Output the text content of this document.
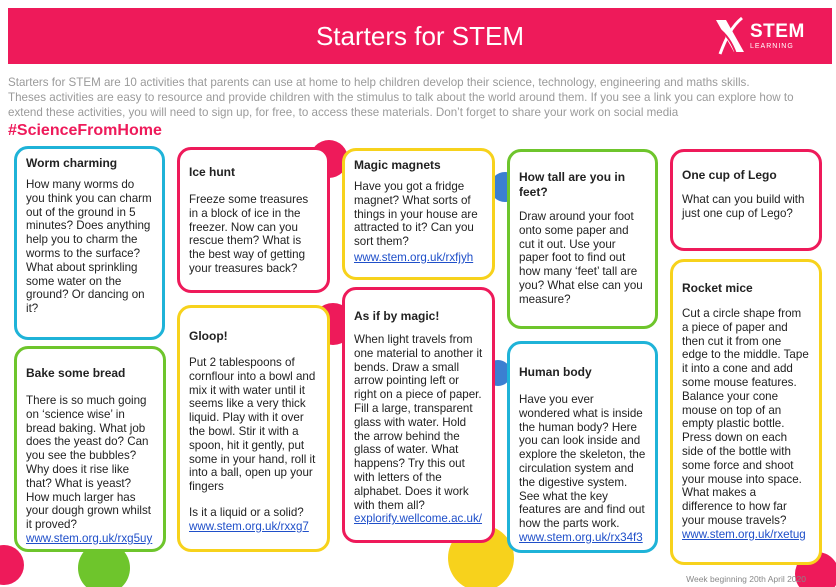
Starters for STEM	STEM
LEARNING
Starters for STEM are 10 activities that parents can use at home to help children develop their science, technology, engineering and maths skills.
Theses activities are easy to resource and provide children with the stimulus to talk about the world around them. If you see a link you can explore how to
extend these activities, you will need to sign up, for free, to access these materials. Don’t forget to share your work on social media
#ScienceFromHome
Worm charming

How many worms do you think you can charm out of the ground in 5 minutes? Does anything help you to charm the worms to the surface? What about sprinkling some water on the ground? Or dancing on it?

Bake some bread

There is so much going on ‘science wise’ in bread baking. What job does the yeast do? Can you see the bubbles? Why does it rise like that? What is yeast? How much larger has your dough grown whilst it proved?

www.stem.org.uk/rxg5uy
Ice hunt

Freeze some treasures in a block of ice in the freezer. Now can you rescue them? What is the best way of getting your treasures back?

Gloop!

Put 2 tablespoons of cornflour into a bowl and mix it with water until it seems like a very thick liquid. Play with it over the bowl. Stir it with a spoon, hit it gently, put some in your hand, roll it into a ball, open up your fingers

Is it a liquid or a solid?

www.stem.org.uk/rxxg7
Magic magnets

Have you got a fridge magnet? What sorts of things in your house are attracted to it? Can you sort them?

www.stem.org.uk/rxfjyh
As if by magic!

When light travels from one material to another it bends. Draw a small arrow pointing left or right on a piece of paper. Fill a large, transparent glass with water. Hold the arrow behind the glass of water. What happens? Try this out with letters of the alphabet. Does it work with them all?

explorify.wellcome.ac.uk/
How tall are you in feet?

Draw around your foot onto some paper and cut it out. Use your paper foot to find out how many ‘feet’ tall are you? What else can you measure?

Human body

Have you ever wondered what is inside the human body? Here you can look inside and explore the skeleton, the circulation system and the digestive system. See what the key features are and find out how the parts work.

www.stem.org.uk/rx34f3
One cup of Lego

What can you build with just one cup of Lego?

Rocket mice

Cut a circle shape from a piece of paper and then cut it from one edge to the middle. Tape it into a cone and add some mouse features. Balance your cone mouse on top of an empty plastic bottle. Press down on each side of the bottle with some force and shoot your mouse into space. What makes a difference to how far your mouse travels?

www.stem.org.uk/rxetug
Week beginning 20th April 2020
